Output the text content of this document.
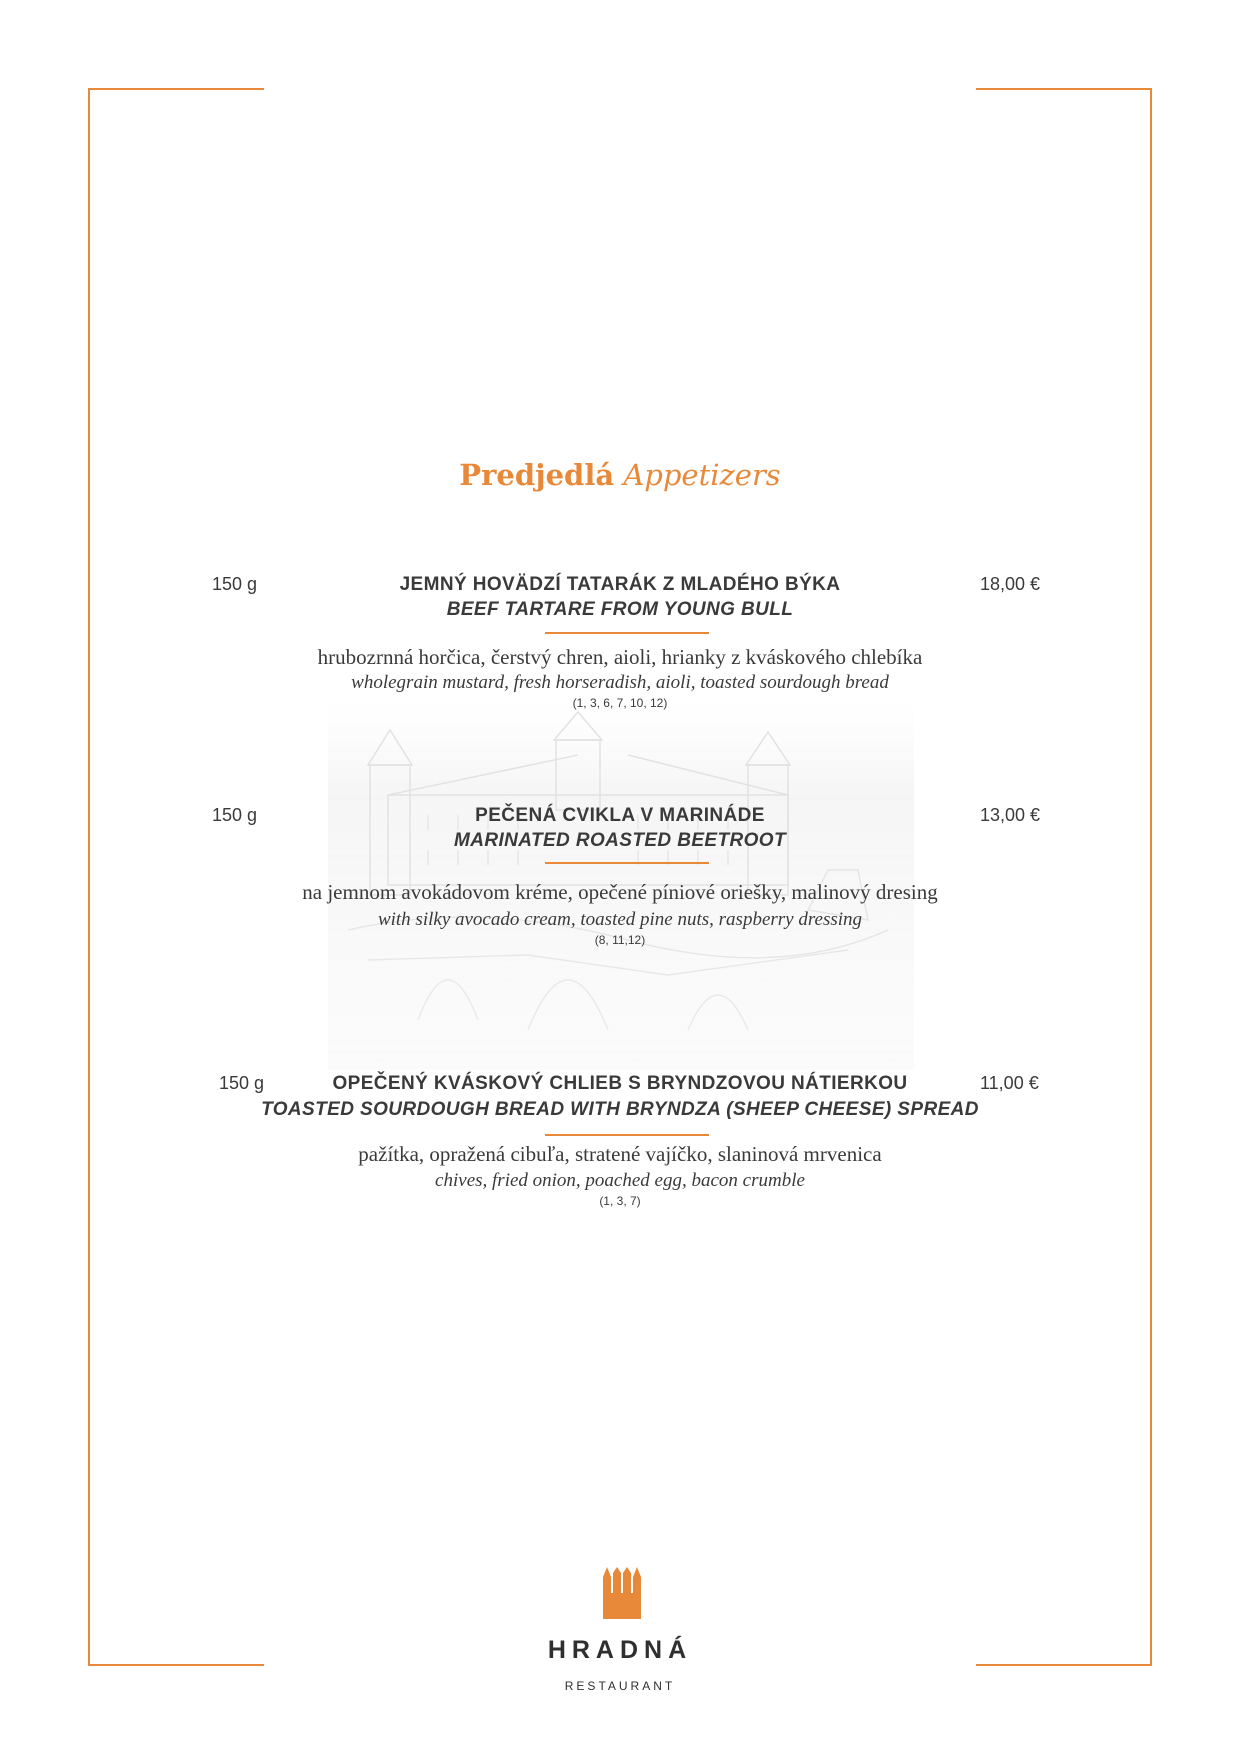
Predjedlá Appetizers
150 g	18,00 €
JEMNÝ HOVÄDZÍ TATARÁK Z MLADÉHO BÝKA
BEEF TARTARE FROM YOUNG BULL
hrubozrnná horčica, čerstvý chren, aioli, hrianky z kváskového chlebíka
wholegrain mustard, fresh horseradish, aioli, toasted sourdough bread
(1, 3, 6, 7, 10, 12)
150 g	13,00 €
PEČENÁ CVIKLA V MARINÁDE
MARINATED ROASTED BEETROOT
na jemnom avokádovom kréme, opečené píniové oriešky, malinový dresing
with silky avocado cream, toasted pine nuts, raspberry dressing
(8, 11,12)
150 g	11,00 €
OPEČENÝ KVÁSKOVÝ CHLIEB S BRYNDZOVOU NÁTIERKOU
TOASTED SOURDOUGH BREAD WITH BRYNDZA (SHEEP CHEESE) SPREAD
pažítka, opražená cibuľa, stratené vajíčko, slaninová mrvenica
chives, fried onion, poached egg, bacon crumble
(1, 3, 7)
HRADNÁ
RESTAURANT
